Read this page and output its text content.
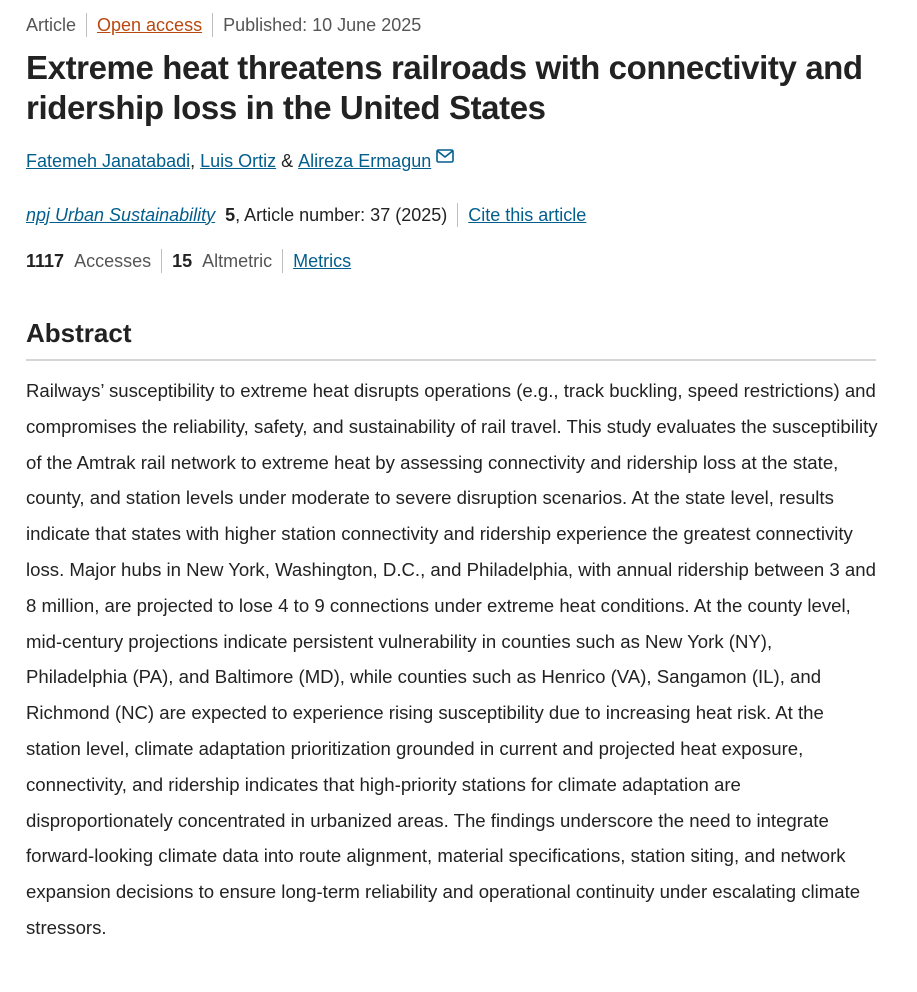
Article Open access Published: 10 June 2025
Extreme heat threatens railroads with connectivity and ridership loss in the United States
Fatemeh Janatabadi , Luis Ortiz & Alireza Ermagun
npj Urban Sustainability 5 , Article number: 37 (2025) Cite this article
1117 Accesses 15 Altmetric Metrics
Abstract

Railways’ susceptibility to extreme heat disrupts operations (e.g., track buckling, speed restrictions) and compromises the reliability, safety, and sustainability of rail travel. This study evaluates the susceptibility of the Amtrak rail network to extreme heat by assessing connectivity and ridership loss at the state, county, and station levels under moderate to severe disruption scenarios. At the state level, results indicate that states with higher station connectivity and ridership experience the greatest connectivity loss. Major hubs in New York, Washington, D.C., and Philadelphia, with annual ridership between 3 and 8 million, are projected to lose 4 to 9 connections under extreme heat conditions. At the county level, mid-century projections indicate persistent vulnerability in counties such as New York (NY), Philadelphia (PA), and Baltimore (MD), while counties such as Henrico (VA), Sangamon (IL), and Richmond (NC) are expected to experience rising susceptibility due to increasing heat risk. At the station level, climate adaptation prioritization grounded in current and projected heat exposure, connectivity, and ridership indicates that high-priority stations for climate adaptation are disproportionately concentrated in urbanized areas. The findings underscore the need to integrate forward-looking climate data into route alignment, material specifications, station siting, and network expansion decisions to ensure long-term reliability and operational continuity under escalating climate stressors.
